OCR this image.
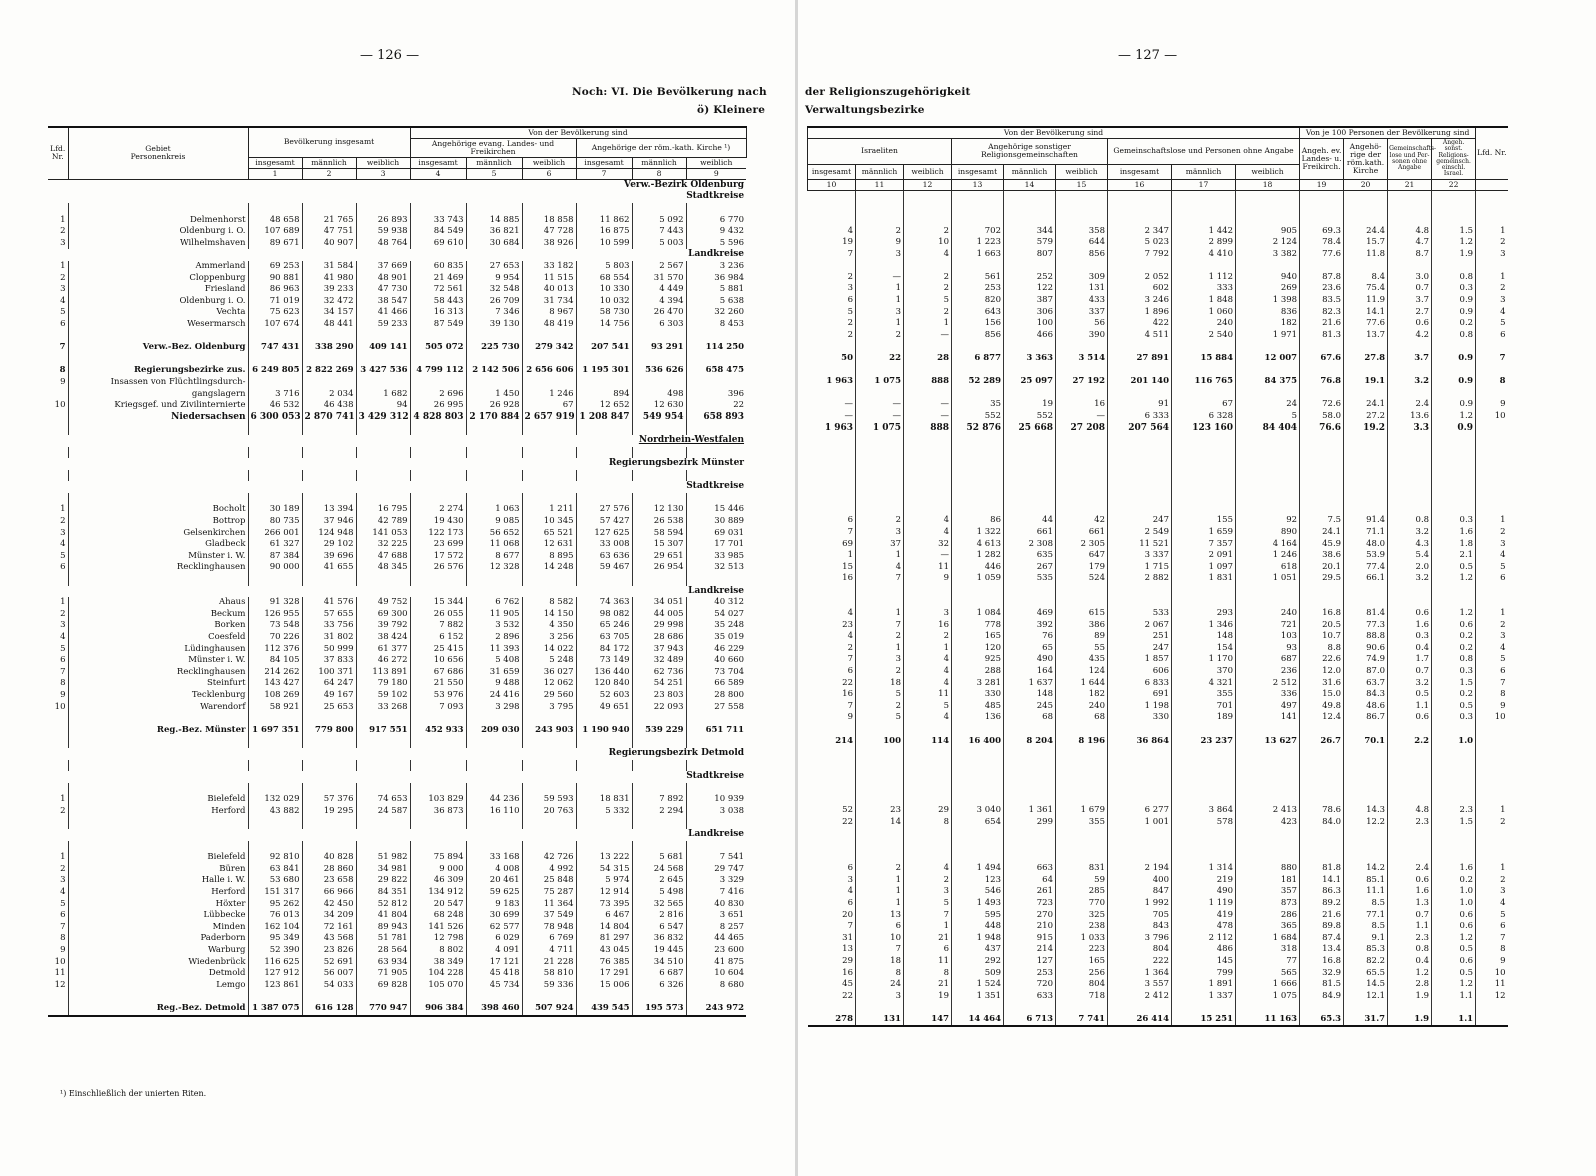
— 126 —
Noch: VI. Die Bevölkerung nach
ö) Kleinere
Lfd. Nr.	Gebiet
Personenkreis	Bevölkerung insgesamt			Von der Bevölkerung sind					
					Angehörige evang. Landes- und Freikirchen			Angehörige der röm.-kath. Kirche ¹)		
		insgesamt	männlich	weiblich	insgesamt	männlich	weiblich	insgesamt	männlich	weiblich
		1	2	3	4	5	6	7	8	9
	Verw.-Bezirk Oldenburg									
	Stadtkreise									

1	Delmenhorst	48 658	21 765	26 893	33 743	14 885	18 858	11 862	5 092	6 770
2	Oldenburg i. O.	107 689	47 751	59 938	84 549	36 821	47 728	16 875	7 443	9 432
3	Wilhelmshaven	89 671	40 907	48 764	69 610	30 684	38 926	10 599	5 003	5 596
	Landkreise									
1	Ammerland	69 253	31 584	37 669	60 835	27 653	33 182	5 803	2 567	3 236
2	Cloppenburg	90 881	41 980	48 901	21 469	9 954	11 515	68 554	31 570	36 984
3	Friesland	86 963	39 233	47 730	72 561	32 548	40 013	10 330	4 449	5 881
4	Oldenburg i. O.	71 019	32 472	38 547	58 443	26 709	31 734	10 032	4 394	5 638
5	Vechta	75 623	34 157	41 466	16 313	7 346	8 967	58 730	26 470	32 260
6	Wesermarsch	107 674	48 441	59 233	87 549	39 130	48 419	14 756	6 303	8 453

7	Verw.-Bez. Oldenburg	747 431	338 290	409 141	505 072	225 730	279 342	207 541	93 291	114 250

8	Regierungsbezirke zus.	6 249 805	2 822 269	3 427 536	4 799 112	2 142 506	2 656 606	1 195 301	536 626	658 475
9	Insassen von Flüchtlingsdurch-									
	gangslagern	3 716	2 034	1 682	2 696	1 450	1 246	894	498	396
10	Kriegsgef. und Zivilinternierte	46 532	46 438	94	26 995	26 928	67	12 652	12 630	22
	Niedersachsen	6 300 053	2 870 741	3 429 312	4 828 803	2 170 884	2 657 919	1 208 847	549 954	658 893

	Nordrhein-Westfalen									

	Regierungsbezirk Münster									

	Stadtkreise									

1	Bocholt	30 189	13 394	16 795	2 274	1 063	1 211	27 576	12 130	15 446
2	Bottrop	80 735	37 946	42 789	19 430	9 085	10 345	57 427	26 538	30 889
3	Gelsenkirchen	266 001	124 948	141 053	122 173	56 652	65 521	127 625	58 594	69 031
4	Gladbeck	61 327	29 102	32 225	23 699	11 068	12 631	33 008	15 307	17 701
5	Münster i. W.	87 384	39 696	47 688	17 572	8 677	8 895	63 636	29 651	33 985
6	Recklinghausen	90 000	41 655	48 345	26 576	12 328	14 248	59 467	26 954	32 513

	Landkreise									
1	Ahaus	91 328	41 576	49 752	15 344	6 762	8 582	74 363	34 051	40 312
2	Beckum	126 955	57 655	69 300	26 055	11 905	14 150	98 082	44 005	54 027
3	Borken	73 548	33 756	39 792	7 882	3 532	4 350	65 246	29 998	35 248
4	Coesfeld	70 226	31 802	38 424	6 152	2 896	3 256	63 705	28 686	35 019
5	Lüdinghausen	112 376	50 999	61 377	25 415	11 393	14 022	84 172	37 943	46 229
6	Münster i. W.	84 105	37 833	46 272	10 656	5 408	5 248	73 149	32 489	40 660
7	Recklinghausen	214 262	100 371	113 891	67 686	31 659	36 027	136 440	62 736	73 704
8	Steinfurt	143 427	64 247	79 180	21 550	9 488	12 062	120 840	54 251	66 589
9	Tecklenburg	108 269	49 167	59 102	53 976	24 416	29 560	52 603	23 803	28 800
10	Warendorf	58 921	25 653	33 268	7 093	3 298	3 795	49 651	22 093	27 558

	Reg.-Bez. Münster	1 697 351	779 800	917 551	452 933	209 030	243 903	1 190 940	539 229	651 711

	Regierungsbezirk Detmold									

	Stadtkreise									

1	Bielefeld	132 029	57 376	74 653	103 829	44 236	59 593	18 831	7 892	10 939
2	Herford	43 882	19 295	24 587	36 873	16 110	20 763	5 332	2 294	3 038

	Landkreise									

1	Bielefeld	92 810	40 828	51 982	75 894	33 168	42 726	13 222	5 681	7 541
2	Büren	63 841	28 860	34 981	9 000	4 008	4 992	54 315	24 568	29 747
3	Halle i. W.	53 680	23 658	29 822	46 309	20 461	25 848	5 974	2 645	3 329
4	Herford	151 317	66 966	84 351	134 912	59 625	75 287	12 914	5 498	7 416
5	Höxter	95 262	42 450	52 812	20 547	9 183	11 364	73 395	32 565	40 830
6	Lübbecke	76 013	34 209	41 804	68 248	30 699	37 549	6 467	2 816	3 651
7	Minden	162 104	72 161	89 943	141 526	62 577	78 948	14 804	6 547	8 257
8	Paderborn	95 349	43 568	51 781	12 798	6 029	6 769	81 297	36 832	44 465
9	Warburg	52 390	23 826	28 564	8 802	4 091	4 711	43 045	19 445	23 600
10	Wiedenbrück	116 625	52 691	63 934	38 349	17 121	21 228	76 385	34 510	41 875
11	Detmold	127 912	56 007	71 905	104 228	45 418	58 810	17 291	6 687	10 604
12	Lemgo	123 861	54 033	69 828	105 070	45 734	59 336	15 006	6 326	8 680

	Reg.-Bez. Detmold	1 387 075	616 128	770 947	906 384	398 460	507 924	439 545	195 573	243 972
¹) Einschließlich der unierten Riten.
— 127 —
der Religionszugehörigkeit
Verwaltungsbezirke
Von der Bevölkerung sind									Von je 100 Personen der Bevölkerung sind				Lfd. Nr.
Israeliten			Angehörige sonstiger Religionsgemeinschaften			Gemeinschaftslose und Personen ohne Angabe			Angeh. ev. Landes- u. Freikirch.	Angehö- rige der röm.kath. Kirche	Gemeinschafts- lose und Per- sonen ohne Angabe	Angeh. sonst. Religions- gemeinsch. einschl. Israel.	
insgesamt	männlich	weiblich	insgesamt	männlich	weiblich	insgesamt	männlich	weiblich					
10	11	12	13	14	15	16	17	18	19	20	21	22	

4	2	2	702	344	358	2 347	1 442	905	69.3	24.4	4.8	1.5	1
19	9	10	1 223	579	644	5 023	2 899	2 124	78.4	15.7	4.7	1.2	2
7	3	4	1 663	807	856	7 792	4 410	3 382	77.6	11.8	8.7	1.9	3

2	—	2	561	252	309	2 052	1 112	940	87.8	8.4	3.0	0.8	1
3	1	2	253	122	131	602	333	269	23.6	75.4	0.7	0.3	2
6	1	5	820	387	433	3 246	1 848	1 398	83.5	11.9	3.7	0.9	3
5	3	2	643	306	337	1 896	1 060	836	82.3	14.1	2.7	0.9	4
2	1	1	156	100	56	422	240	182	21.6	77.6	0.6	0.2	5
2	2	—	856	466	390	4 511	2 540	1 971	81.3	13.7	4.2	0.8	6

50	22	28	6 877	3 363	3 514	27 891	15 884	12 007	67.6	27.8	3.7	0.9	7

1 963	1 075	888	52 289	25 097	27 192	201 140	116 765	84 375	76.8	19.1	3.2	0.9	8

—	—	—	35	19	16	91	67	24	72.6	24.1	2.4	0.9	9
—	—	—	552	552	—	6 333	6 328	5	58.0	27.2	13.6	1.2	10
1 963	1 075	888	52 876	25 668	27 208	207 564	123 160	84 404	76.6	19.2	3.3	0.9	

6	2	4	86	44	42	247	155	92	7.5	91.4	0.8	0.3	1
7	3	4	1 322	661	661	2 549	1 659	890	24.1	71.1	3.2	1.6	2
69	37	32	4 613	2 308	2 305	11 521	7 357	4 164	45.9	48.0	4.3	1.8	3
1	1	—	1 282	635	647	3 337	2 091	1 246	38.6	53.9	5.4	2.1	4
15	4	11	446	267	179	1 715	1 097	618	20.1	77.4	2.0	0.5	5
16	7	9	1 059	535	524	2 882	1 831	1 051	29.5	66.1	3.2	1.2	6

4	1	3	1 084	469	615	533	293	240	16.8	81.4	0.6	1.2	1
23	7	16	778	392	386	2 067	1 346	721	20.5	77.3	1.6	0.6	2
4	2	2	165	76	89	251	148	103	10.7	88.8	0.3	0.2	3
2	1	1	120	65	55	247	154	93	8.8	90.6	0.4	0.2	4
7	3	4	925	490	435	1 857	1 170	687	22.6	74.9	1.7	0.8	5
6	2	4	288	164	124	606	370	236	12.0	87.0	0.7	0.3	6
22	18	4	3 281	1 637	1 644	6 833	4 321	2 512	31.6	63.7	3.2	1.5	7
16	5	11	330	148	182	691	355	336	15.0	84.3	0.5	0.2	8
7	2	5	485	245	240	1 198	701	497	49.8	48.6	1.1	0.5	9
9	5	4	136	68	68	330	189	141	12.4	86.7	0.6	0.3	10

214	100	114	16 400	8 204	8 196	36 864	23 237	13 627	26.7	70.1	2.2	1.0	

52	23	29	3 040	1 361	1 679	6 277	3 864	2 413	78.6	14.3	4.8	2.3	1
22	14	8	654	299	355	1 001	578	423	84.0	12.2	2.3	1.5	2

6	2	4	1 494	663	831	2 194	1 314	880	81.8	14.2	2.4	1.6	1
3	1	2	123	64	59	400	219	181	14.1	85.1	0.6	0.2	2
4	1	3	546	261	285	847	490	357	86.3	11.1	1.6	1.0	3
6	1	5	1 493	723	770	1 992	1 119	873	89.2	8.5	1.3	1.0	4
20	13	7	595	270	325	705	419	286	21.6	77.1	0.7	0.6	5
7	6	1	448	210	238	843	478	365	89.8	8.5	1.1	0.6	6
31	10	21	1 948	915	1 033	3 796	2 112	1 684	87.4	9.1	2.3	1.2	7
13	7	6	437	214	223	804	486	318	13.4	85.3	0.8	0.5	8
29	18	11	292	127	165	222	145	77	16.8	82.2	0.4	0.6	9
16	8	8	509	253	256	1 364	799	565	32.9	65.5	1.2	0.5	10
45	24	21	1 524	720	804	3 557	1 891	1 666	81.5	14.5	2.8	1.2	11
22	3	19	1 351	633	718	2 412	1 337	1 075	84.9	12.1	1.9	1.1	12

278	131	147	14 464	6 713	7 741	26 414	15 251	11 163	65.3	31.7	1.9	1.1	
